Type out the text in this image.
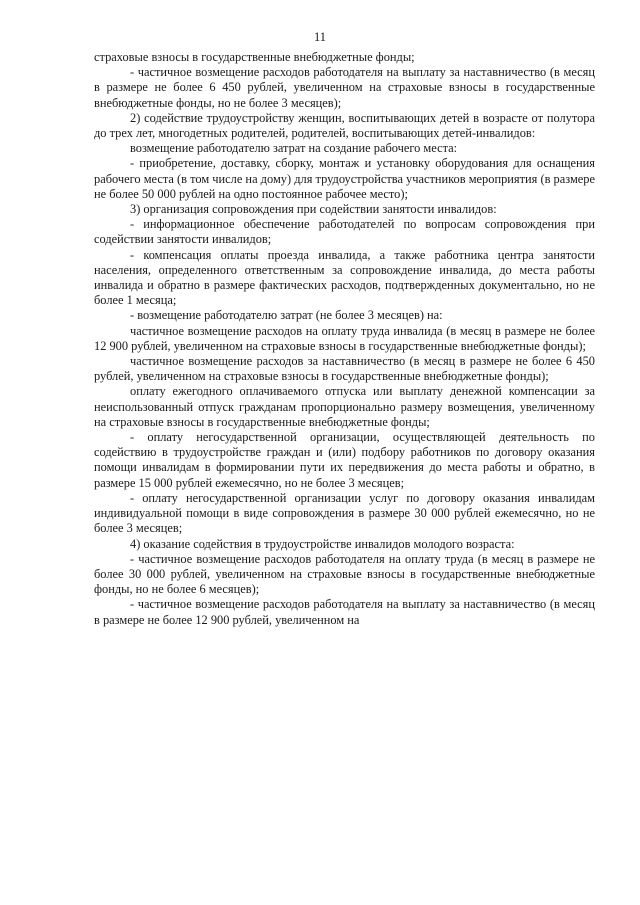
11

страховые взносы в государственные внебюджетные фонды;

- частичное возмещение расходов работодателя на выплату за наставничество (в месяц в размере не более 6 450 рублей, увеличенном на страховые взносы в государственные внебюджетные фонды, но не более 3 месяцев);

2) содействие трудоустройству женщин, воспитывающих детей в возрасте от полутора до трех лет, многодетных родителей, родителей, воспитывающих детей-инвалидов:

возмещение работодателю затрат на создание рабочего места:

- приобретение, доставку, сборку, монтаж и установку оборудования для оснащения рабочего места (в том числе на дому) для трудоустройства участников мероприятия (в размере не более 50 000 рублей на одно постоянное рабочее место);

3) организация сопровождения при содействии занятости инвалидов:

- информационное обеспечение работодателей по вопросам сопровождения при содействии занятости инвалидов;

- компенсация оплаты проезда инвалида, а также работника центра занятости населения, определенного ответственным за сопровождение инвалида, до места работы инвалида и обратно в размере фактических расходов, подтвержденных документально, но не более 1 месяца;

- возмещение работодателю затрат (не более 3 месяцев) на:

частичное возмещение расходов на оплату труда инвалида (в месяц в размере не более 12 900 рублей, увеличенном на страховые взносы в государственные внебюджетные фонды);

частичное возмещение расходов за наставничество (в месяц в размере не более 6 450 рублей, увеличенном на страховые взносы в государственные внебюджетные фонды);

оплату ежегодного оплачиваемого отпуска или выплату денежной компенсации за неиспользованный отпуск гражданам пропорционально размеру возмещения, увеличенному на страховые взносы в государственные внебюджетные фонды;

- оплату негосударственной организации, осуществляющей деятельность по содействию в трудоустройстве граждан и (или) подбору работников по договору оказания помощи инвалидам в формировании пути их передвижения до места работы и обратно, в размере 15 000 рублей ежемесячно, но не более 3 месяцев;

- оплату негосударственной организации услуг по договору оказания инвалидам индивидуальной помощи в виде сопровождения в размере 30 000 рублей ежемесячно, но не более 3 месяцев;

4) оказание содействия в трудоустройстве инвалидов молодого возраста:

- частичное возмещение расходов работодателя на оплату труда (в месяц в размере не более 30 000 рублей, увеличенном на страховые взносы в государственные внебюджетные фонды, но не более 6 месяцев);

- частичное возмещение расходов работодателя на выплату за наставничество (в месяц в размере не более 12 900 рублей, увеличенном на
